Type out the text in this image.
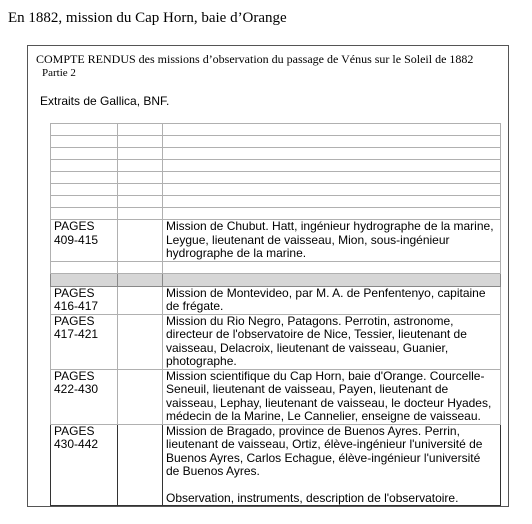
En 1882, mission du Cap Horn, baie d’Orange
COMPTE RENDUS des missions d’observation du passage de Vénus sur le Soleil de 1882
Partie 2
Extraits de Gallica, BNF.

PAGES
409-415		Mission de Chubut. Hatt, ingénieur hydrographe de la marine,
Leygue, lieutenant de vaisseau, Mion, sous-ingénieur
hydrographe de la marine.

PAGES
416-417		Mission de Montevideo, par M. A. de Penfentenyo, capitaine
de frégate.

PAGES
417-421		Mission du Rio Negro, Patagons. Perrotin, astronome,
directeur de l'observatoire de Nice, Tessier, lieutenant de
vaisseau, Delacroix, lieutenant de vaisseau, Guanier,
photographe.

PAGES
422-430		Mission scientifique du Cap Horn, baie d'Orange. Courcelle-
Seneuil, lieutenant de vaisseau, Payen, lieutenant de
vaisseau, Lephay, lieutenant de vaisseau, le docteur Hyades,
médecin de la Marine, Le Cannelier, enseigne de vaisseau.

PAGES
430-442		Mission de Bragado, province de Buenos Ayres. Perrin,
lieutenant de vaisseau, Ortiz, élève-ingénieur l'université de
Buenos Ayres, Carlos Echague, élève-ingénieur l'université
de Buenos Ayres.
Observation, instruments, description de l'observatoire.
